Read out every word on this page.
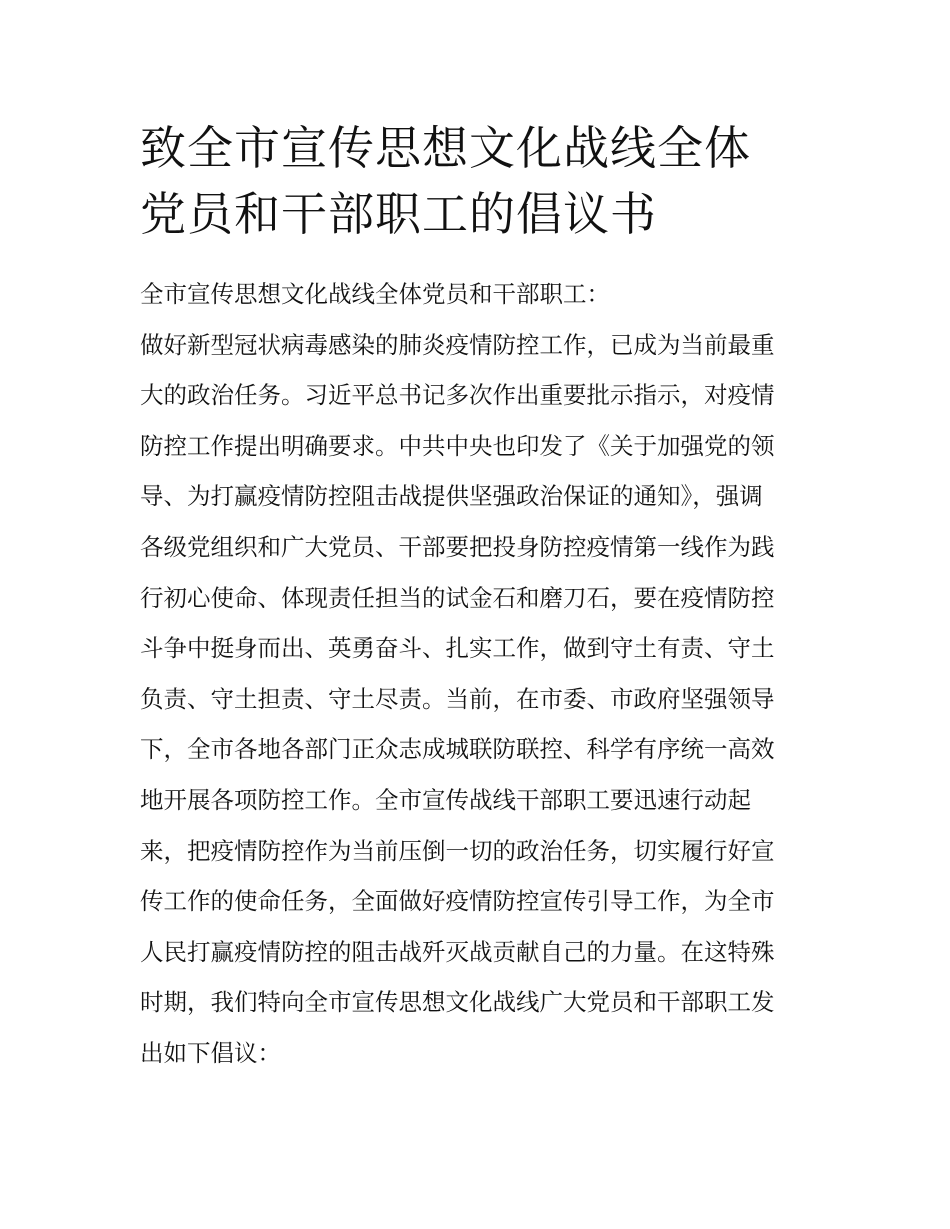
致全市宣传思想文化战线全体
党员和干部职工的倡议书
全市宣传思想文化战线全体党员和干部职工：
做好新型冠状病毒感染的肺炎疫情防控工作，已成为当前最重
大的政治任务。习近平总书记多次作出重要批示指示，对疫情
防控工作提出明确要求。中共中央也印发了《关于加强党的领
导、为打赢疫情防控阻击战提供坚强政治保证的通知》，强调
各级党组织和广大党员、干部要把投身防控疫情第一线作为践
行初心使命、体现责任担当的试金石和磨刀石，要在疫情防控
斗争中挺身而出、英勇奋斗、扎实工作，做到守土有责、守土
负责、守土担责、守土尽责。当前，在市委、市政府坚强领导
下，全市各地各部门正众志成城联防联控、科学有序统一高效
地开展各项防控工作。全市宣传战线干部职工要迅速行动起
来，把疫情防控作为当前压倒一切的政治任务，切实履行好宣
传工作的使命任务，全面做好疫情防控宣传引导工作，为全市
人民打赢疫情防控的阻击战歼灭战贡献自己的力量。在这特殊
时期，我们特向全市宣传思想文化战线广大党员和干部职工发
出如下倡议：
